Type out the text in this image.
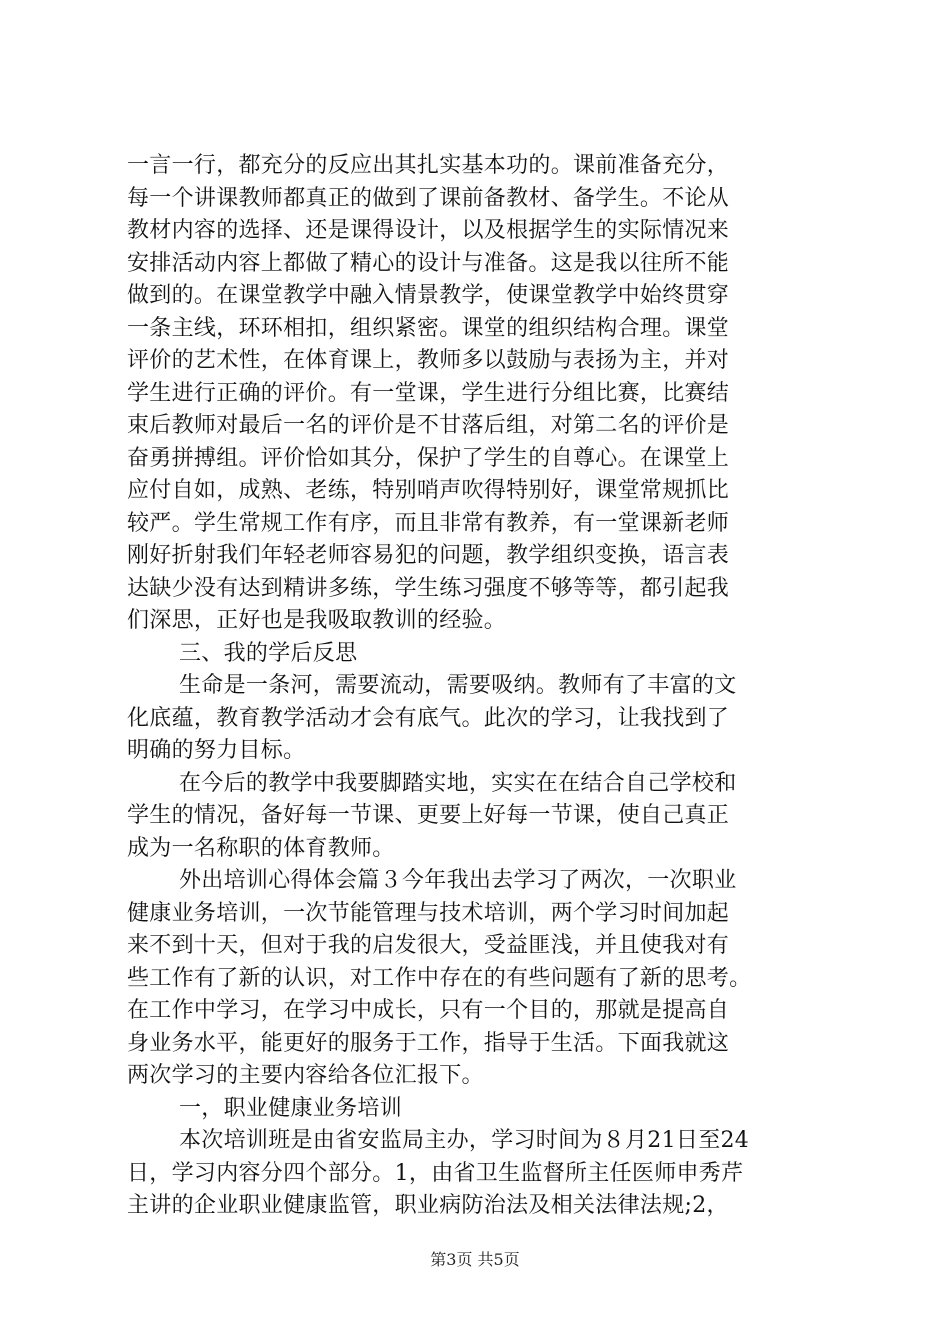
一言一行，都充分的反应出其扎实基本功的。课前准备充分，
每一个讲课教师都真正的做到了课前备教材、备学生。不论从
教材内容的选择、还是课得设计，以及根据学生的实际情况来
安排活动内容上都做了精心的设计与准备。这是我以往所不能
做到的。在课堂教学中融入情景教学，使课堂教学中始终贯穿
一条主线，环环相扣，组织紧密。课堂的组织结构合理。课堂
评价的艺术性，在体育课上，教师多以鼓励与表扬为主，并对
学生进行正确的评价。有一堂课，学生进行分组比赛，比赛结
束后教师对最后一名的评价是不甘落后组，对第二名的评价是
奋勇拼搏组。评价恰如其分，保护了学生的自尊心。在课堂上
应付自如，成熟、老练，特别哨声吹得特别好，课堂常规抓比
较严。学生常规工作有序，而且非常有教养，有一堂课新老师
刚好折射我们年轻老师容易犯的问题，教学组织变换，语言表
达缺少没有达到精讲多练，学生练习强度不够等等，都引起我
们深思，正好也是我吸取教训的经验。
三、我的学后反思
生命是一条河，需要流动，需要吸纳。教师有了丰富的文
化底蕴，教育教学活动才会有底气。此次的学习，让我找到了
明确的努力目标。
在今后的教学中我要脚踏实地，实实在在结合自己学校和
学生的情况，备好每一节课、更要上好每一节课，使自己真正
成为一名称职的体育教师。
外出培训心得体会篇３今年我出去学习了两次，一次职业
健康业务培训，一次节能管理与技术培训，两个学习时间加起
来不到十天，但对于我的启发很大，受益匪浅，并且使我对有
些工作有了新的认识，对工作中存在的有些问题有了新的思考。
在工作中学习，在学习中成长，只有一个目的，那就是提高自
身业务水平，能更好的服务于工作，指导于生活。下面我就这
两次学习的主要内容给各位汇报下。
一，职业健康业务培训
本次培训班是由省安监局主办，学习时间为８月21日至24
日，学习内容分四个部分。1，由省卫生监督所主任医师申秀芹
主讲的企业职业健康监管，职业病防治法及相关法律法规;2，
第3页 共5页
